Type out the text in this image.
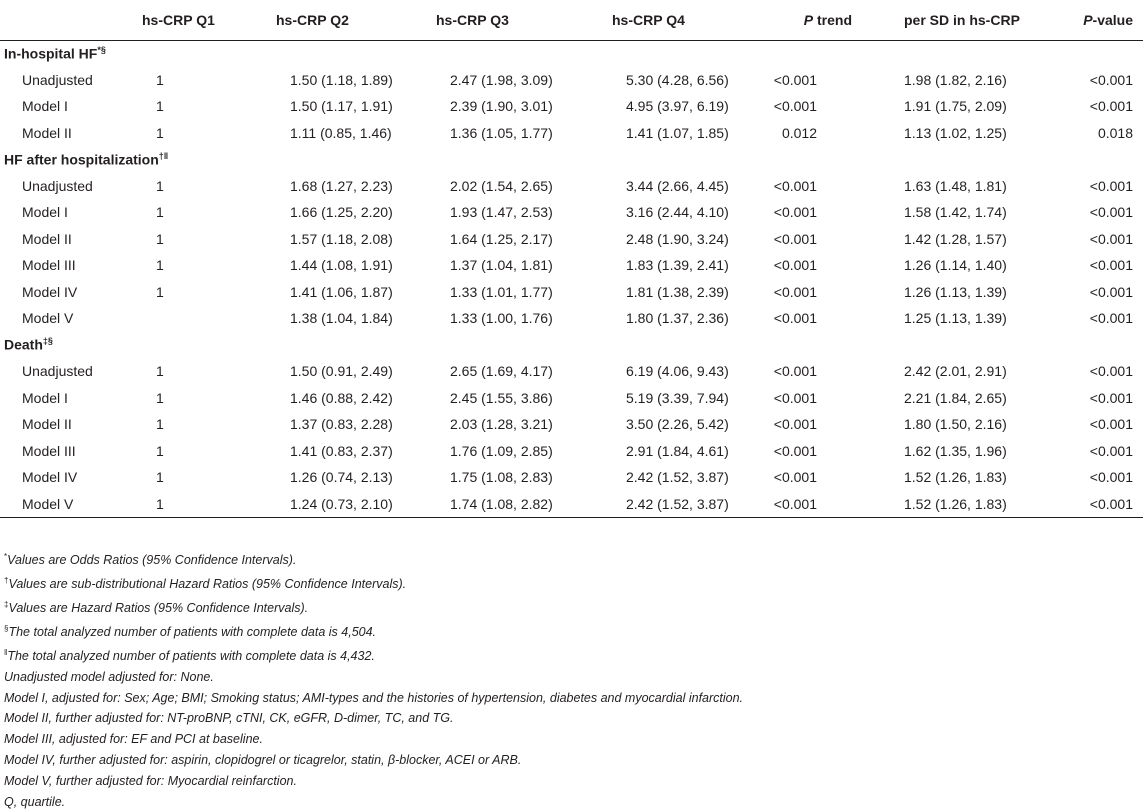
	hs-CRP Q1	hs-CRP Q2	hs-CRP Q3	hs-CRP Q4	P trend	per SD in hs-CRP	P-value
In-hospital HF*§
Unadjusted	1	1.50 (1.18, 1.89)	2.47 (1.98, 3.09)	5.30 (4.28, 6.56)	<0.001	1.98 (1.82, 2.16)	<0.001
Model I	1	1.50 (1.17, 1.91)	2.39 (1.90, 3.01)	4.95 (3.97, 6.19)	<0.001	1.91 (1.75, 2.09)	<0.001
Model II	1	1.11 (0.85, 1.46)	1.36 (1.05, 1.77)	1.41 (1.07, 1.85)	0.012	1.13 (1.02, 1.25)	0.018
HF after hospitalization†‖
Unadjusted	1	1.68 (1.27, 2.23)	2.02 (1.54, 2.65)	3.44 (2.66, 4.45)	<0.001	1.63 (1.48, 1.81)	<0.001
Model I	1	1.66 (1.25, 2.20)	1.93 (1.47, 2.53)	3.16 (2.44, 4.10)	<0.001	1.58 (1.42, 1.74)	<0.001
Model II	1	1.57 (1.18, 2.08)	1.64 (1.25, 2.17)	2.48 (1.90, 3.24)	<0.001	1.42 (1.28, 1.57)	<0.001
Model III	1	1.44 (1.08, 1.91)	1.37 (1.04, 1.81)	1.83 (1.39, 2.41)	<0.001	1.26 (1.14, 1.40)	<0.001
Model IV	1	1.41 (1.06, 1.87)	1.33 (1.01, 1.77)	1.81 (1.38, 2.39)	<0.001	1.26 (1.13, 1.39)	<0.001
Model V		1.38 (1.04, 1.84)	1.33 (1.00, 1.76)	1.80 (1.37, 2.36)	<0.001	1.25 (1.13, 1.39)	<0.001
Death‡§
Unadjusted	1	1.50 (0.91, 2.49)	2.65 (1.69, 4.17)	6.19 (4.06, 9.43)	<0.001	2.42 (2.01, 2.91)	<0.001
Model I	1	1.46 (0.88, 2.42)	2.45 (1.55, 3.86)	5.19 (3.39, 7.94)	<0.001	2.21 (1.84, 2.65)	<0.001
Model II	1	1.37 (0.83, 2.28)	2.03 (1.28, 3.21)	3.50 (2.26, 5.42)	<0.001	1.80 (1.50, 2.16)	<0.001
Model III	1	1.41 (0.83, 2.37)	1.76 (1.09, 2.85)	2.91 (1.84, 4.61)	<0.001	1.62 (1.35, 1.96)	<0.001
Model IV	1	1.26 (0.74, 2.13)	1.75 (1.08, 2.83)	2.42 (1.52, 3.87)	<0.001	1.52 (1.26, 1.83)	<0.001
Model V	1	1.24 (0.73, 2.10)	1.74 (1.08, 2.82)	2.42 (1.52, 3.87)	<0.001	1.52 (1.26, 1.83)	<0.001
*Values are Odds Ratios (95% Confidence Intervals).
†Values are sub-distributional Hazard Ratios (95% Confidence Intervals).
‡Values are Hazard Ratios (95% Confidence Intervals).
§The total analyzed number of patients with complete data is 4,504.
‖The total analyzed number of patients with complete data is 4,432.
Unadjusted model adjusted for: None.
Model I, adjusted for: Sex; Age; BMI; Smoking status; AMI-types and the histories of hypertension, diabetes and myocardial infarction.
Model II, further adjusted for: NT-proBNP, cTNI, CK, eGFR, D-dimer, TC, and TG.
Model III, adjusted for: EF and PCI at baseline.
Model IV, further adjusted for: aspirin, clopidogrel or ticagrelor, statin, β-blocker, ACEI or ARB.
Model V, further adjusted for: Myocardial reinfarction.
Q, quartile.
